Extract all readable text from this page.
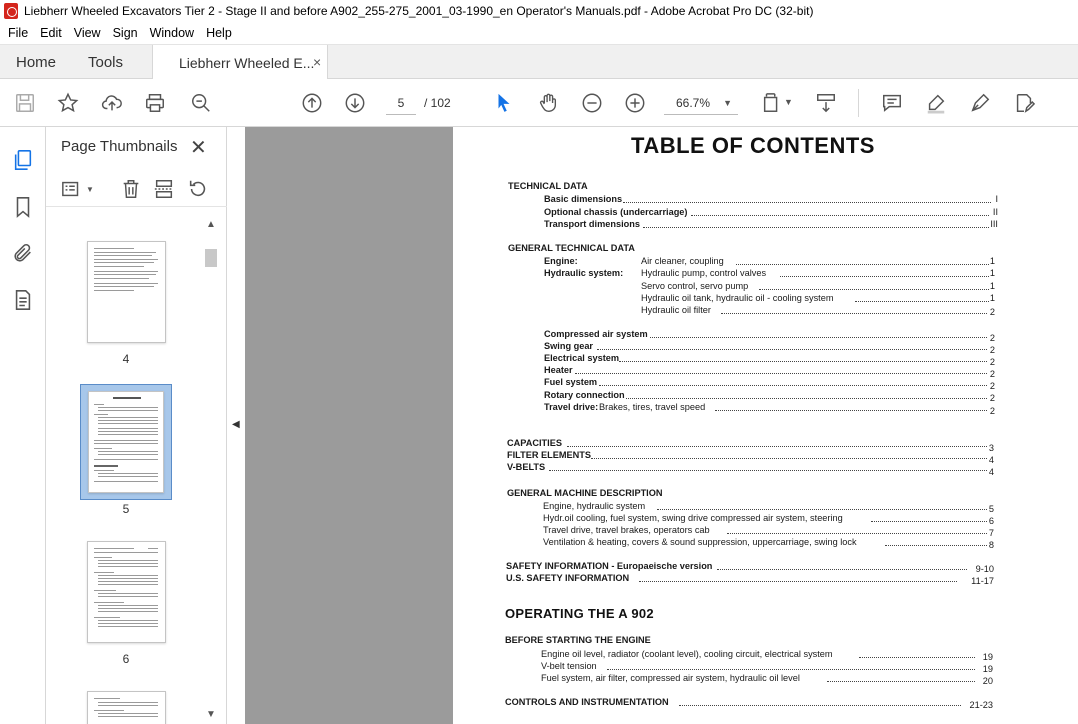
Liebherr Wheeled Excavators Tier 2 - Stage II and before A902_255-275_2001_03-1990_en Operator's Manuals.pdf - Adobe Acrobat Pro DC (32-bit)
File Edit View Sign Window Help
Home Tools	Liebherr Wheeled E...
×
5	/ 102	66.7% ▼	▼
Page Thumbnails ✕
▼
▲
▼
4
5
6
◀
TABLE OF CONTENTS
TECHNICAL DATA
Basic dimensions	I
Optional chassis (undercarriage)	II
Transport dimensions	III
GENERAL TECHNICAL DATA
Engine:	Air cleaner, coupling	1
Hydraulic system: Hydraulic pump, control valves	1
Servo control, servo pump	1
Hydraulic oil tank, hydraulic oil - cooling system	1
Hydraulic oil filter	2
Compressed air system	2
Swing gear	2
Electrical system	2
Heater	2
Fuel system	2
Rotary connection	2
Travel drive: Brakes, tires, travel speed	2
CAPACITIES	3
FILTER ELEMENTS	4
V-BELTS	4
GENERAL MACHINE DESCRIPTION
Engine, hydraulic system	5
Hydr.oil cooling, fuel system, swing drive compressed air system, steering	6
Travel drive, travel brakes, operators cab	7
Ventilation & heating, covers & sound suppression, uppercarriage, swing lock	8
SAFETY INFORMATION - Europaeische version	9-10
U.S. SAFETY INFORMATION	11-17
OPERATING THE A 902
BEFORE STARTING THE ENGINE
Engine oil level, radiator (coolant level), cooling circuit, electrical system	19
V-belt tension	19
Fuel system, air filter, compressed air system, hydraulic oil level	20
CONTROLS AND INSTRUMENTATION	21-23
